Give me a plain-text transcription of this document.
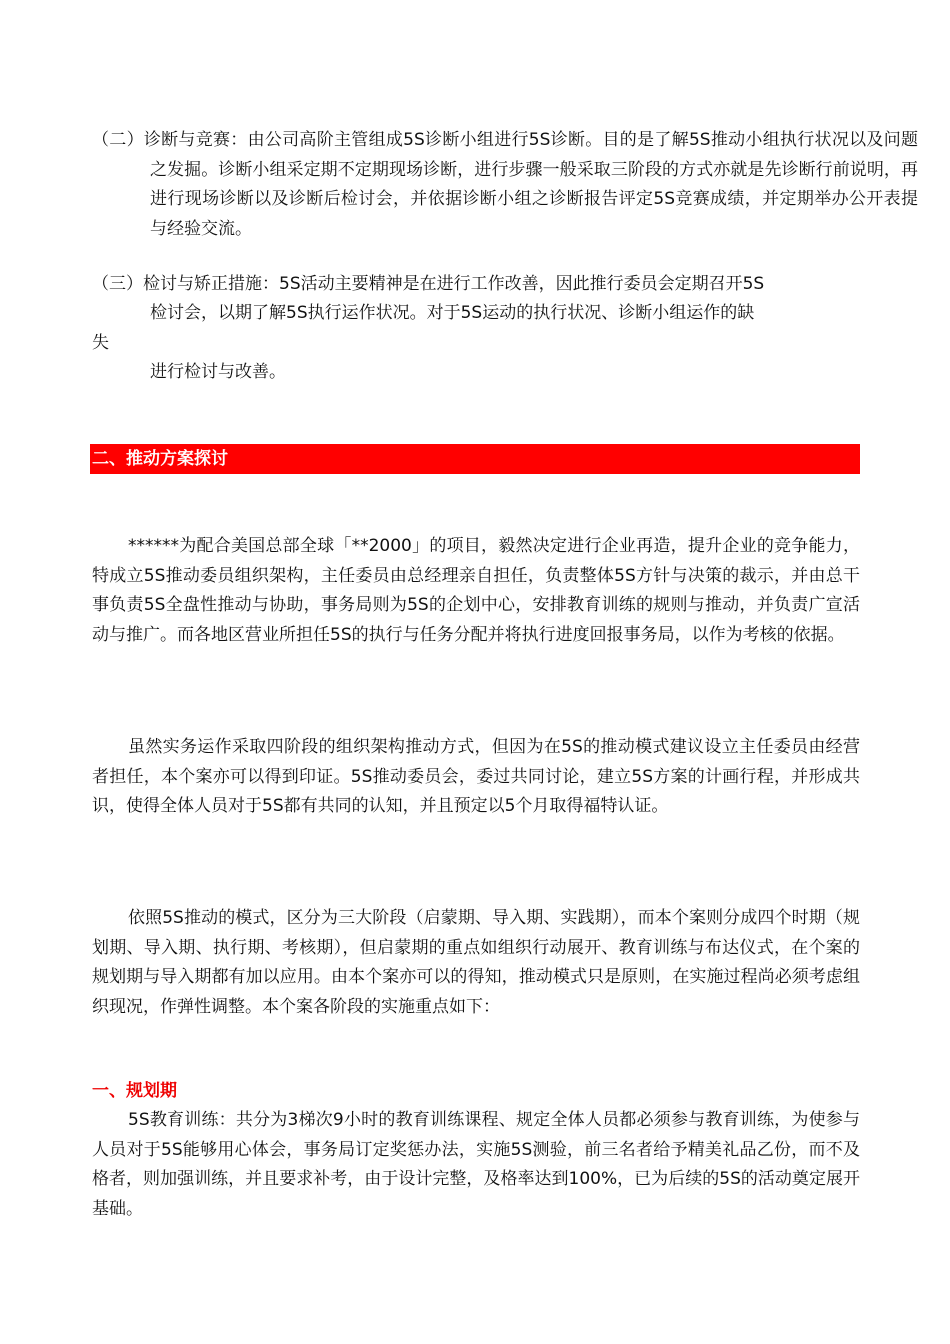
（二）诊断与竞赛：由公司高阶主管组成5S诊断小组进行5S诊断。目的是了解5S推动小组执行状况以及问题之发掘。诊断小组采定期不定期现场诊断，进行步骤一般采取三阶段的方式亦就是先诊断行前说明，再进行现场诊断以及诊断后检讨会，并依据诊断小组之诊断报告评定5S竞赛成绩，并定期举办公开表提与经验交流。
（三）检讨与矫正措施：5S活动主要精神是在进行工作改善，因此推行委员会定期召开5S
检讨会，以期了解5S执行运作状况。对于5S运动的执行状况、诊断小组运作的缺
失
进行检讨与改善。
二、推动方案探讨
******为配合美国总部全球「**2000」的项目，毅然决定进行企业再造，提升企业的竞争能力，特成立5S推动委员组织架构，主任委员由总经理亲自担任，负责整体5S方针与决策的裁示，并由总干事负责5S全盘性推动与协助，事务局则为5S的企划中心，安排教育训练的规则与推动，并负责广宣活动与推广。而各地区营业所担任5S的执行与任务分配并将执行进度回报事务局，以作为考核的依据。
虽然实务运作采取四阶段的组织架构推动方式，但因为在5S的推动模式建议设立主任委员由经营者担任，本个案亦可以得到印证。5S推动委员会，委过共同讨论，建立5S方案的计画行程，并形成共识，使得全体人员对于5S都有共同的认知，并且预定以5个月取得福特认证。
依照5S推动的模式，区分为三大阶段（启蒙期、导入期、实践期），而本个案则分成四个时期（规划期、导入期、执行期、考核期），但启蒙期的重点如组织行动展开、教育训练与布达仪式，在个案的规划期与导入期都有加以应用。由本个案亦可以的得知，推动模式只是原则，在实施过程尚必须考虑组织现况，作弹性调整。本个案各阶段的实施重点如下：
一、规划期
5S教育训练：共分为3梯次9小时的教育训练课程、规定全体人员都必须参与教育训练，为使参与人员对于5S能够用心体会，事务局订定奖惩办法，实施5S测验，前三名者给予精美礼品乙份，而不及格者，则加强训练，并且要求补考，由于设计完整，及格率达到100%，已为后续的5S的活动奠定展开基础。
